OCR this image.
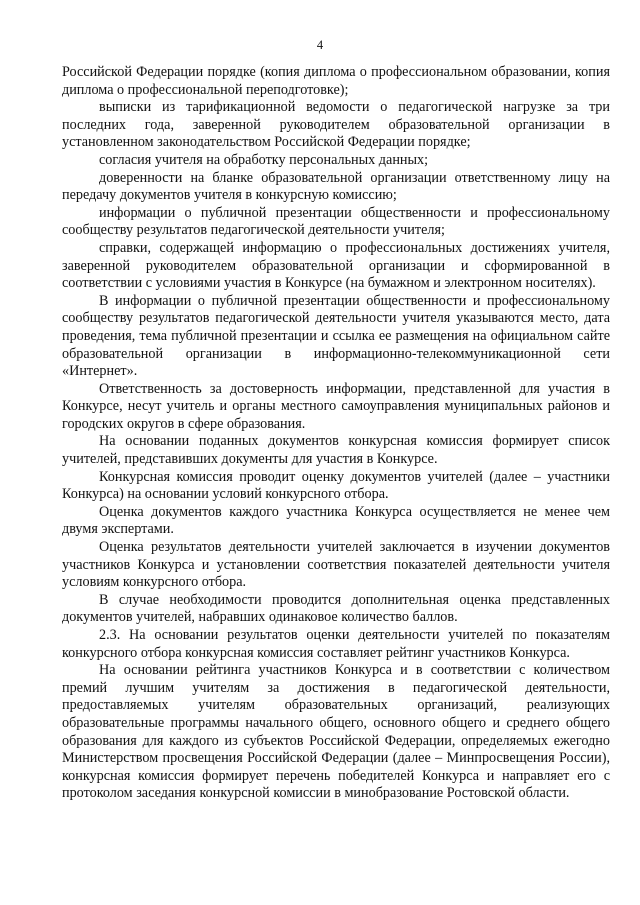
4

Российской Федерации порядке (копия диплома о профессиональном образовании, копия диплома о профессиональной переподготовке);

выписки из тарификационной ведомости о педагогической нагрузке за три последних года, заверенной руководителем образовательной организации в установленном законодательством Российской Федерации порядке;

согласия учителя на обработку персональных данных;

доверенности на бланке образовательной организации ответственному лицу на передачу документов учителя в конкурсную комиссию;

информации о публичной презентации общественности и профессиональному сообществу результатов педагогической деятельности учителя;

справки, содержащей информацию о профессиональных достижениях учителя, заверенной руководителем образовательной организации и сформированной в соответствии с условиями участия в Конкурсе (на бумажном и электронном носителях).

В информации о публичной презентации общественности и профессиональному сообществу результатов педагогической деятельности учителя указываются место, дата проведения, тема публичной презентации и ссылка ее размещения на официальном сайте образовательной организации в информационно-телекоммуникационной сети «Интернет».

Ответственность за достоверность информации, представленной для участия в Конкурсе, несут учитель и органы местного самоуправления муниципальных районов и городских округов в сфере образования.

На основании поданных документов конкурсная комиссия формирует список учителей, представивших документы для участия в Конкурсе.

Конкурсная комиссия проводит оценку документов учителей (далее – участники Конкурса) на основании условий конкурсного отбора.

Оценка документов каждого участника Конкурса осуществляется не менее чем двумя экспертами.

Оценка результатов деятельности учителей заключается в изучении документов участников Конкурса и установлении соответствия показателей деятельности учителя условиям конкурсного отбора.

В случае необходимости проводится дополнительная оценка представленных документов учителей, набравших одинаковое количество баллов.

2.3. На основании результатов оценки деятельности учителей по показателям конкурсного отбора конкурсная комиссия составляет рейтинг участников Конкурса.

На основании рейтинга участников Конкурса и в соответствии с количеством премий лучшим учителям за достижения в педагогической деятельности, предоставляемых учителям образовательных организаций, реализующих образовательные программы начального общего, основного общего и среднего общего образования для каждого из субъектов Российской Федерации, определяемых ежегодно Министерством просвещения Российской Федерации (далее – Минпросвещения России), конкурсная комиссия формирует перечень победителей Конкурса и направляет его с протоколом заседания конкурсной комиссии в минобразование Ростовской области.
